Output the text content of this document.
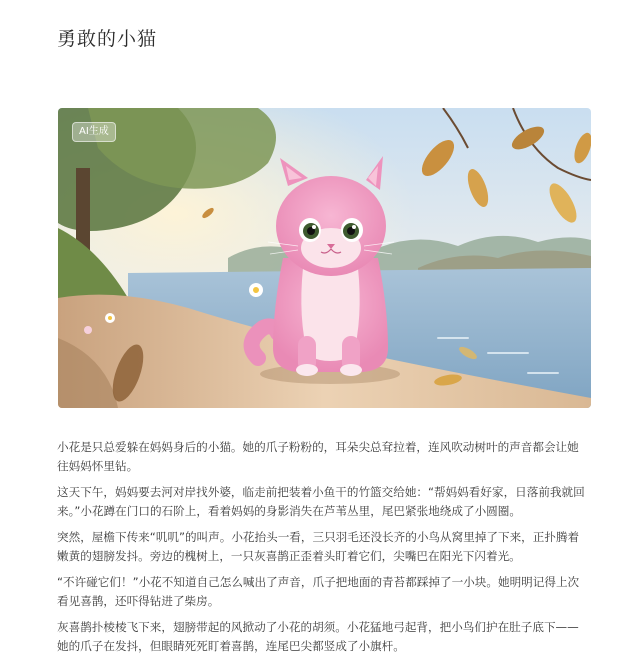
勇敢的小猫
AI生成

小花是只总爱躲在妈妈身后的小猫。她的爪子粉粉的，耳朵尖总耷拉着，连风吹动树叶的声音都会让她往妈妈怀里钻。

这天下午，妈妈要去河对岸找外婆，临走前把装着小鱼干的竹篮交给她：“帮妈妈看好家，日落前我就回来。”小花蹲在门口的石阶上，看着妈妈的身影消失在芦苇丛里，尾巴紧张地绕成了小圆圈。

突然，屋檐下传来“叽叽”的叫声。小花抬头一看，三只羽毛还没长齐的小鸟从窝里掉了下来，正扑腾着嫩黄的翅膀发抖。旁边的槐树上，一只灰喜鹊正歪着头盯着它们，尖嘴巴在阳光下闪着光。

“不许碰它们！”小花不知道自己怎么喊出了声音，爪子把地面的青苔都踩掉了一小块。她明明记得上次看见喜鹊，还吓得钻进了柴房。

灰喜鹊扑棱棱飞下来，翅膀带起的风掀动了小花的胡须。小花猛地弓起背，把小鸟们护在肚子底下——她的爪子在发抖，但眼睛死死盯着喜鹊，连尾巴尖都竖成了小旗杆。
